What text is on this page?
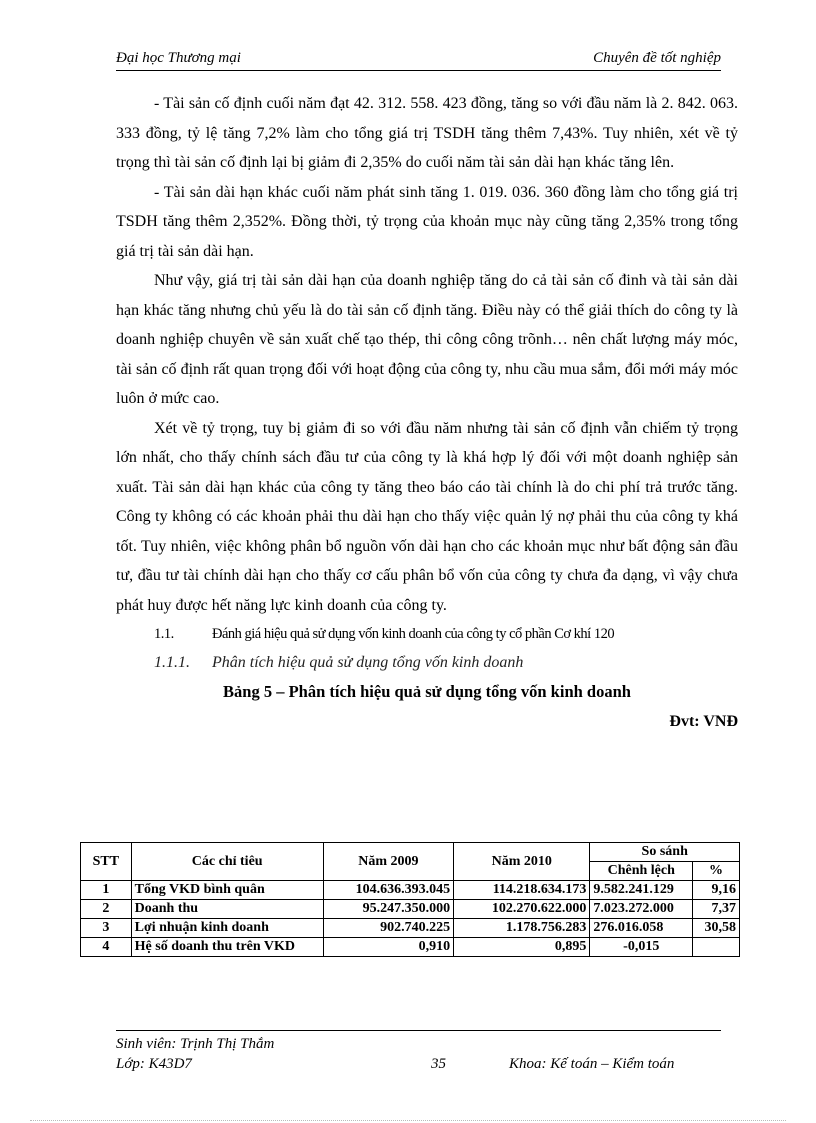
Đại học Thương mại	Chuyên đề tốt nghiệp

- Tài sản cố định cuối năm đạt 42. 312. 558. 423 đồng, tăng so với đầu năm là 2. 842. 063. 333 đồng, tỷ lệ tăng 7,2% làm cho tổng giá trị TSDH tăng thêm 7,43%. Tuy nhiên, xét về tỷ trọng thì tài sản cố định lại bị giảm đi 2,35% do cuối năm tài sản dài hạn khác tăng lên.

- Tài sản dài hạn khác cuối năm phát sinh tăng 1. 019. 036. 360 đồng làm cho tổng giá trị TSDH tăng thêm 2,352%. Đồng thời, tỷ trọng của khoản mục này cũng tăng 2,35% trong tổng giá trị tài sản dài hạn.

Như vậy, giá trị tài sản dài hạn của doanh nghiệp tăng do cả tài sản cố đinh và tài sản dài hạn khác tăng nhưng chủ yếu là do tài sản cố định tăng. Điều này có thể giải thích do công ty là doanh nghiệp chuyên về sản xuất chế tạo thép, thi công công trõnh… nên chất lượng máy móc, tài sản cố định rất quan trọng đối với hoạt động của công ty, nhu cầu mua sắm, đổi mới máy móc luôn ở mức cao.

Xét về tỷ trọng, tuy bị giảm đi so với đầu năm nhưng tài sản cố định vẫn chiếm tỷ trọng lớn nhất, cho thấy chính sách đầu tư của công ty là khá hợp lý đối với một doanh nghiệp sản xuất. Tài sản dài hạn khác của công ty tăng theo báo cáo tài chính là do chi phí trả trước tăng. Công ty không có các khoản phải thu dài hạn cho thấy việc quản lý nợ phải thu của công ty khá tốt. Tuy nhiên, việc không phân bổ nguồn vốn dài hạn cho các khoản mục như bất động sản đầu tư, đầu tư tài chính dài hạn cho thấy cơ cấu phân bổ vốn của công ty chưa đa dạng, vì vậy chưa phát huy được hết năng lực kinh doanh của công ty.

1.1.	Đánh giá hiệu quả sử dụng vốn kinh doanh của công ty cổ phần Cơ khí 120
1.1.1. Phân tích hiệu quả sử dụng tổng vốn kinh doanh
Bảng 5 – Phân tích hiệu quả sử dụng tổng vốn kinh doanh
Đvt: VNĐ
STT	Các chỉ tiêu	Năm 2009	Năm 2010	So sánh	
				Chênh lệch	%
1	Tổng VKD bình quân	104.636.393.045	114.218.634.173	9.582.241.129	9,16
2	Doanh thu	95.247.350.000	102.270.622.000	7.023.272.000	7,37
3	Lợi nhuận kinh doanh	902.740.225	1.178.756.283	276.016.058	30,58
4	Hệ số doanh thu trên VKD	0,910	0,895	-0,015	
Sinh viên: Trịnh Thị Thắm
Lớp: K43D7	35	Khoa: Kế toán – Kiểm toán
